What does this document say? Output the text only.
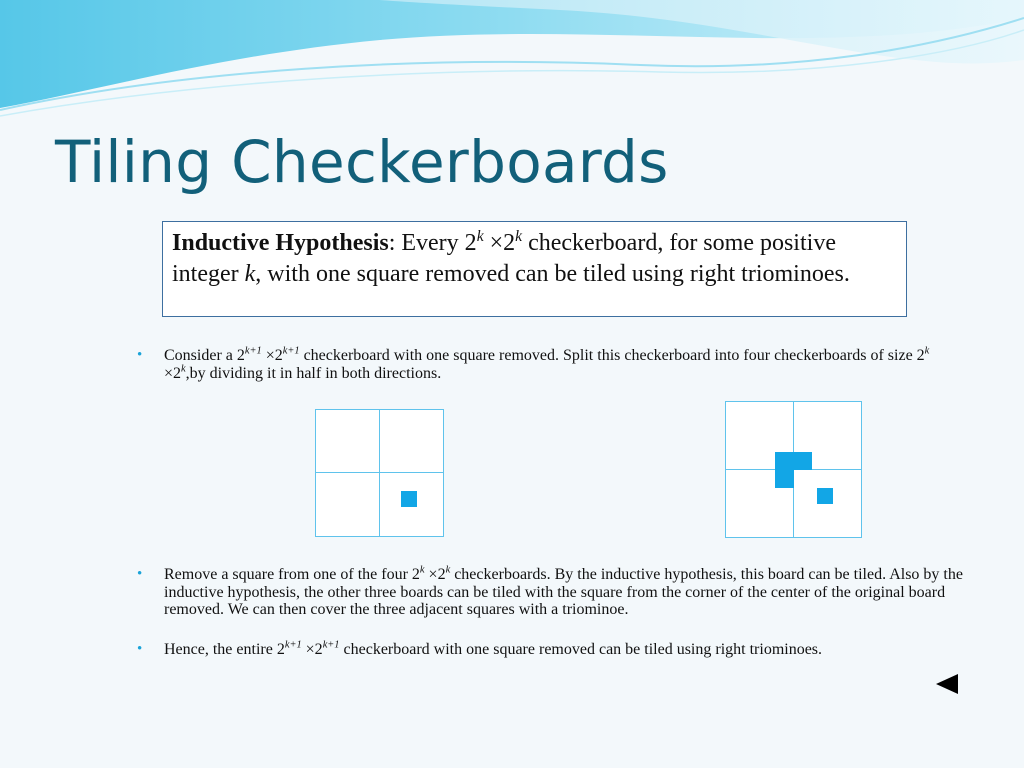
Tiling Checkerboards
Inductive Hypothesis: Every $2^k \times 2^k$ checkerboard, for some positive integer k, with one square removed can be tiled using right triominoes.
• Consider a $2^{k+1} \times 2^{k+1}$ checkerboard with one square removed. Split this checkerboard into four checkerboards of size $2^k \times 2^k,by$ dividing it in half in both directions.
• Remove a square from one of the four $2^k \times 2^k$ checkerboards. By the inductive hypothesis, this board can be tiled. Also by the inductive hypothesis, the other three boards can be tiled with the square from the corner of the center of the original board removed. We can then cover the three adjacent squares with a triominoe.
• Hence, the entire $2^{k+1} \times 2^{k+1}$ checkerboard with one square removed can be tiled using right triominoes.
